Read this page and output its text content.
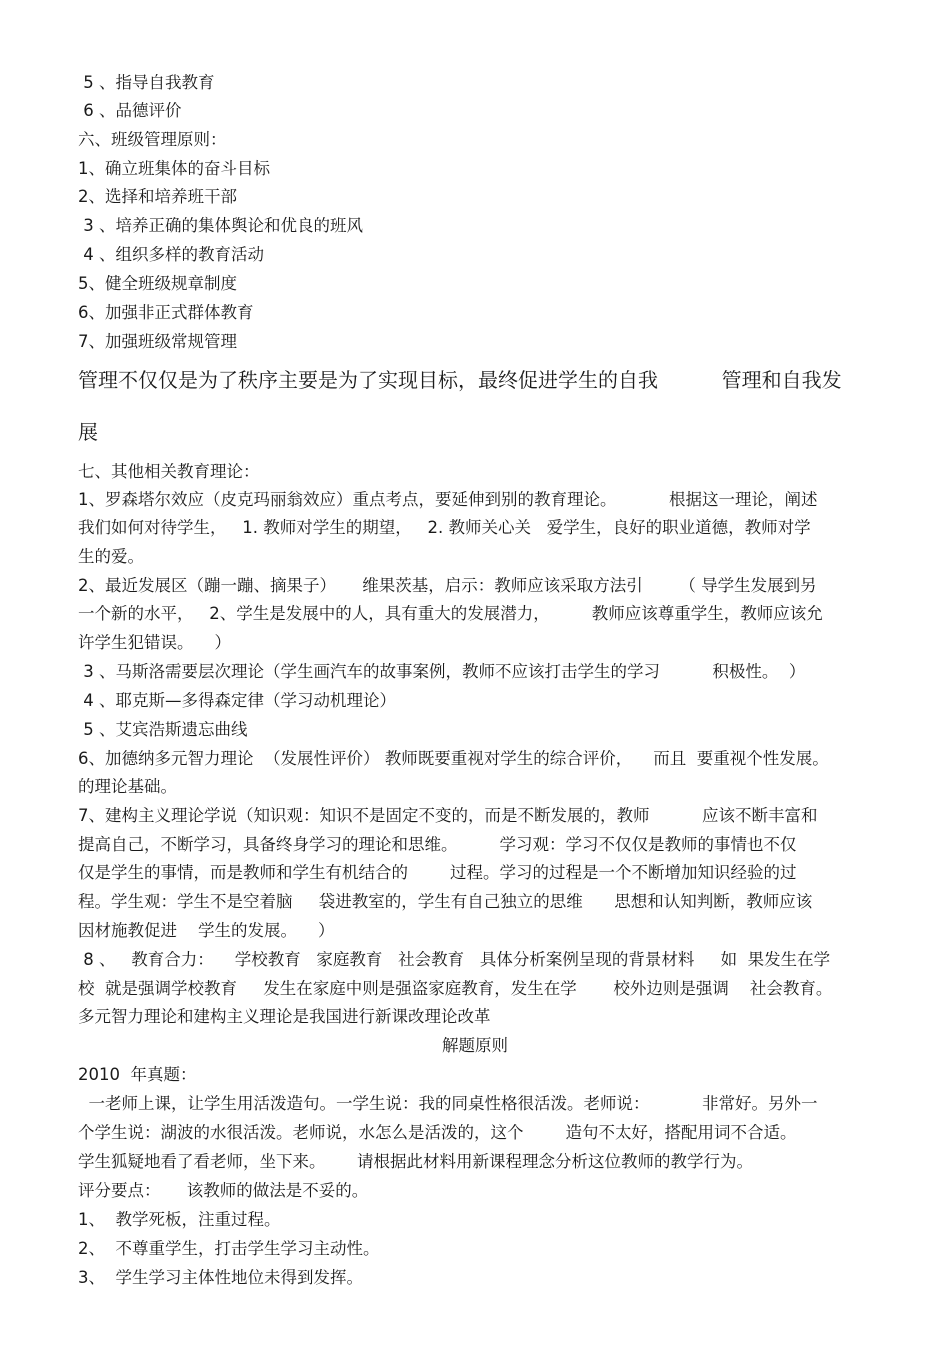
5 、指导自我教育
6 、品德评价
六、班级管理原则：
1、确立班集体的奋斗目标
2、选择和培养班干部
3 、培养正确的集体舆论和优良的班风
4 、组织多样的教育活动
5、健全班级规章制度
6、加强非正式群体教育
7、加强班级常规管理
管理不仅仅是为了秩序主要是为了实现目标，最终促进学生的自我          管理和自我发
展
七、其他相关教育理论：
1、罗森塔尔效应（皮克玛丽翁效应）重点考点，要延伸到别的教育理论。          根据这一理论，阐述
我们如何对待学生，   1. 教师对学生的期望，   2. 教师关心关   爱学生，良好的职业道德，教师对学
生的爱。
2、最近发展区（蹦一蹦、摘果子）     维果茨基，启示：教师应该采取方法引       （ 导学生发展到另
一个新的水平，   2、学生是发展中的人，具有重大的发展潜力，        教师应该尊重学生，教师应该允
许学生犯错误。    ）
3 、马斯洛需要层次理论（学生画汽车的故事案例，教师不应该打击学生的学习          积极性。  ）
4 、耶克斯—多得森定律（学习动机理论）
5 、艾宾浩斯遗忘曲线
6、加德纳多元智力理论  （发展性评价） 教师既要重视对学生的综合评价，    而且  要重视个性发展。
的理论基础。
7、建构主义理论学说（知识观：知识不是固定不变的，而是不断发展的，教师          应该不断丰富和
提高自己，不断学习，具备终身学习的理论和思维。        学习观：学习不仅仅是教师的事情也不仅
仅是学生的事情，而是教师和学生有机结合的        过程。学习的过程是一个不断增加知识经验的过
程。学生观：学生不是空着脑     袋进教室的，学生有自己独立的思维      思想和认知判断，教师应该
因材施教促进    学生的发展。    ）
8 、   教育合力：    学校教育   家庭教育   社会教育   具体分析案例呈现的背景材料     如  果发生在学
校  就是强调学校教育     发生在家庭中则是强盗家庭教育，发生在学       校外边则是强调    社会教育。
多元智力理论和建构主义理论是我国进行新课改理论改革
解题原则
2010  年真题：
一老师上课，让学生用活泼造句。一学生说：我的同桌性格很活泼。老师说：          非常好。另外一
个学生说：湖波的水很活泼。老师说，水怎么是活泼的，这个        造句不太好，搭配用词不合适。
学生狐疑地看了看老师，坐下来。      请根据此材料用新课程理念分析这位教师的教学行为。
评分要点：     该教师的做法是不妥的。
1、  教学死板，注重过程。
2、  不尊重学生，打击学生学习主动性。
3、  学生学习主体性地位未得到发挥。
